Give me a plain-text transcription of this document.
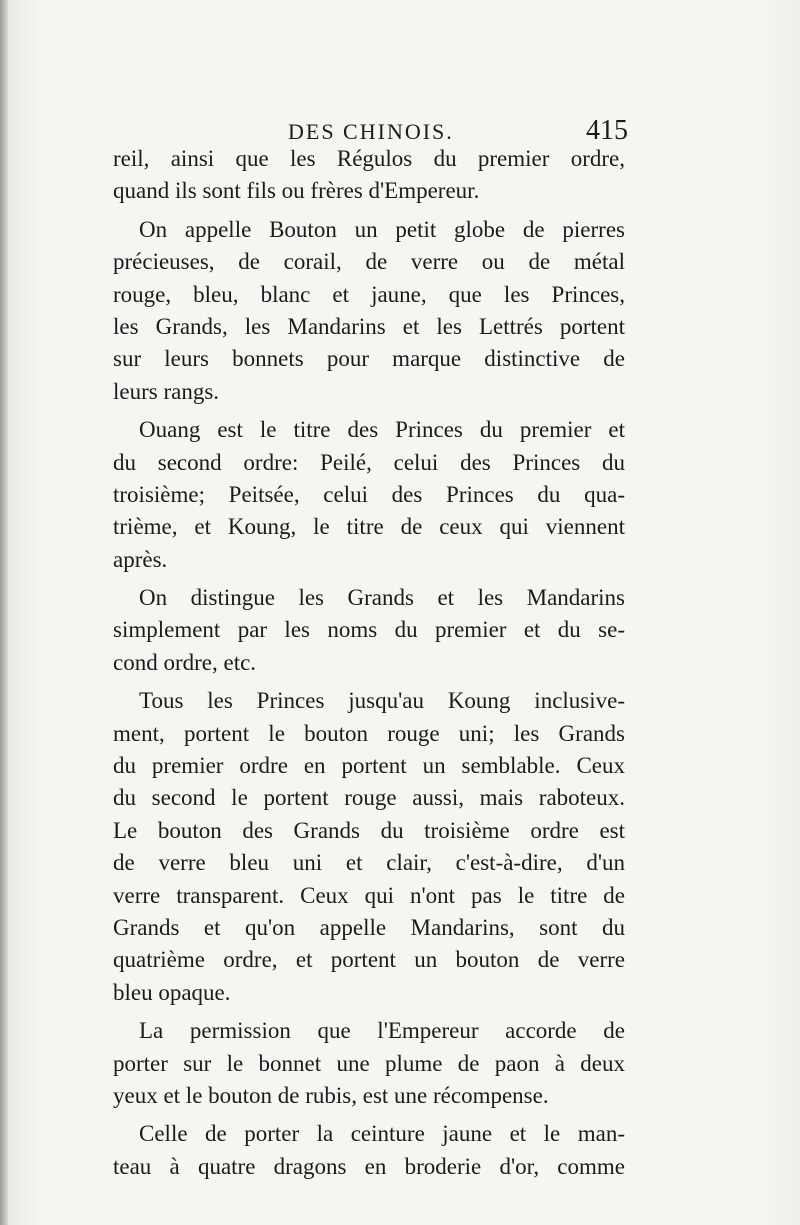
DES CHINOIS.	415
reil, ainsi que les Régulos du premier ordre,
quand ils sont fils ou frères d'Empereur.
On appelle Bouton un petit globe de pierres
précieuses, de corail, de verre ou de métal
rouge, bleu, blanc et jaune, que les Princes,
les Grands, les Mandarins et les Lettrés portent
sur leurs bonnets pour marque distinctive de
leurs rangs.
Ouang est le titre des Princes du premier et
du second ordre: Peilé, celui des Princes du
troisième; Peitsée, celui des Princes du qua-
trième, et Koung, le titre de ceux qui viennent
après.
On distingue les Grands et les Mandarins
simplement par les noms du premier et du se-
cond ordre, etc.
Tous les Princes jusqu'au Koung inclusive-
ment, portent le bouton rouge uni; les Grands
du premier ordre en portent un semblable. Ceux
du second le portent rouge aussi, mais raboteux.
Le bouton des Grands du troisième ordre est
de verre bleu uni et clair, c'est-à-dire, d'un
verre transparent. Ceux qui n'ont pas le titre de
Grands et qu'on appelle Mandarins, sont du
quatrième ordre, et portent un bouton de verre
bleu opaque.
La permission que l'Empereur accorde de
porter sur le bonnet une plume de paon à deux
yeux et le bouton de rubis, est une récompense.
Celle de porter la ceinture jaune et le man-
teau à quatre dragons en broderie d'or, comme
